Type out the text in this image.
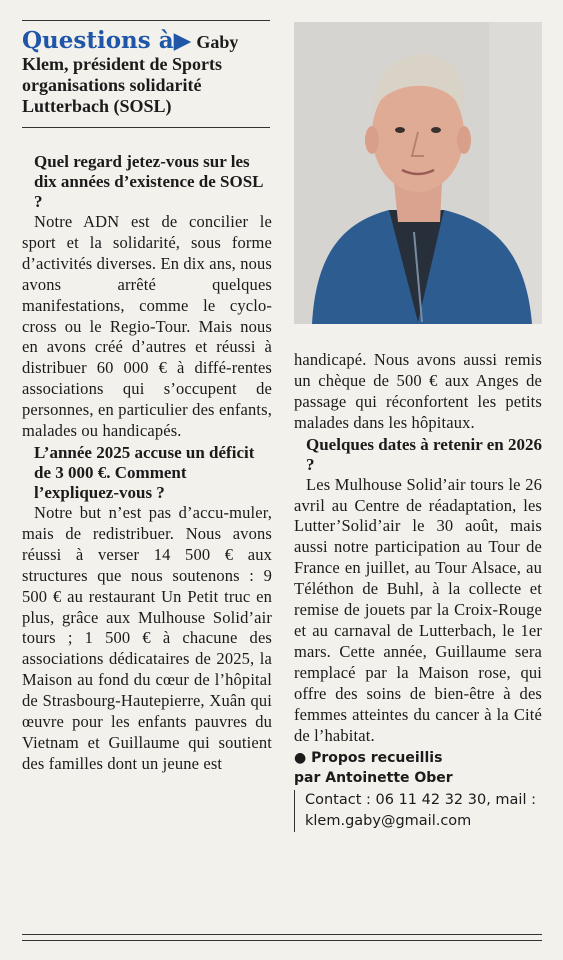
Questions à▶ Gaby Klem, président de Sports organisations solidarité Lutterbach (SOSL)

Quel regard jetez-vous sur les dix années d’existence de SOSL ?

Notre ADN est de concilier le sport et la solidarité, sous forme d’activités diverses. En dix ans, nous avons arrêté quelques manifestations, comme le cyclo-cross ou le Regio-Tour. Mais nous en avons créé d’autres et réussi à distribuer 60 000 € à diffé-rentes associations qui s’occupent de personnes, en particulier des enfants, malades ou handicapés.

L’année 2025 accuse un déficit de 3 000 €. Comment l’expliquez-vous ?

Notre but n’est pas d’accu-muler, mais de redistribuer. Nous avons réussi à verser 14 500 € aux structures que nous soutenons : 9 500 € au restaurant Un Petit truc en plus, grâce aux Mulhouse Solid’air tours ; 1 500 € à chacune des associations dédicataires de 2025, la Maison au fond du cœur de l’hôpital de Strasbourg-Hautepierre, Xuân qui œuvre pour les enfants pauvres du Vietnam et Guillaume qui soutient des familles dont un jeune est

handicapé. Nous avons aussi remis un chèque de 500 € aux Anges de passage qui réconfortent les petits malades dans les hôpitaux.

Quelques dates à retenir en 2026 ?

Les Mulhouse Solid’air tours le 26 avril au Centre de réadaptation, les Lutter’Solid’air le 30 août, mais aussi notre participation au Tour de France en juillet, au Tour Alsace, au Téléthon de Buhl, à la collecte et remise de jouets par la Croix-Rouge et au carnaval de Lutterbach, le 1er mars. Cette année, Guillaume sera remplacé par la Maison rose, qui offre des soins de bien-être à des femmes atteintes du cancer à la Cité de l’habitat.

● Propos recueillis
par Antoinette Ober
Contact : 06 11 42 32 30, mail :
klem.gaby@gmail.com
